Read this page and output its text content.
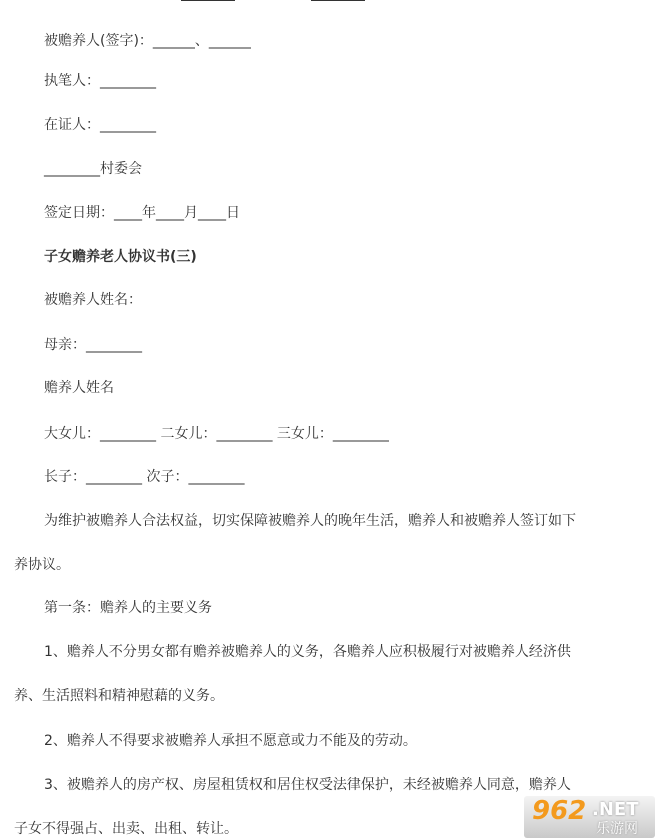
被赡养人(签字)：______、______
执笔人：________
在证人：________
________村委会
签定日期：____年____月____日
子女赡养老人协议书(三)
被赡养人姓名：
母亲：________
赡养人姓名
大女儿：________ 二女儿：________ 三女儿：________
长子：________ 次子：________
为维护被赡养人合法权益，切实保障被赡养人的晚年生活，赡养人和被赡养人签订如下
养协议。
第一条：赡养人的主要义务
1、赡养人不分男女都有赡养被赡养人的义务，各赡养人应积极履行对被赡养人经济供
养、生活照料和精神慰藉的义务。
2、赡养人不得要求被赡养人承担不愿意或力不能及的劳动。
3、被赡养人的房产权、房屋租赁权和居住权受法律保护，未经被赡养人同意，赡养人
子女不得强占、出卖、出租、转让。
962 .NET
乐游网
